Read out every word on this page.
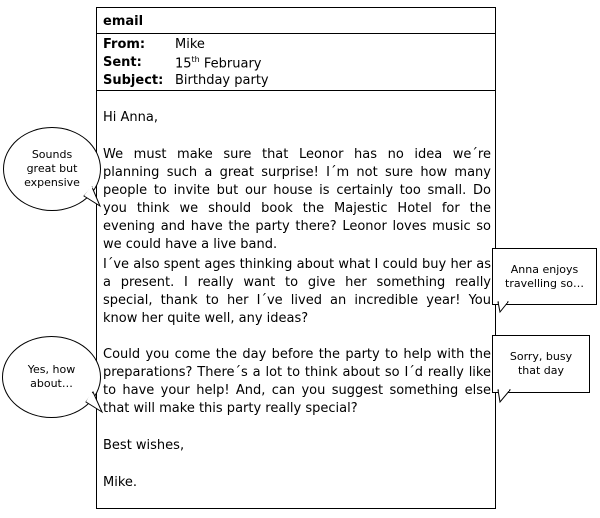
email
From: Mike
Sent:	15th February
Subject: Birthday party

Hi Anna,

We must make sure that Leonor has no idea we´re planning such a great surprise! I´m not sure how many people to invite but our house is certainly too small. Do you think we should book the Majestic Hotel for the evening and have the party there? Leonor loves music so we could have a live band.

I´ve also spent ages thinking about what I could buy her as a present. I really want to give her something really special, thank to her I´ve lived an incredible year! You know her quite well, any ideas?

Could you come the day before the party to help with the preparations? There´s a lot to think about so I´d really like to have your help! And, can you suggest something else that will make this party really special?

Best wishes,

Mike.

Sounds great but expensive
Anna enjoys travelling so…
Yes, how about…
Sorry, busy that day
